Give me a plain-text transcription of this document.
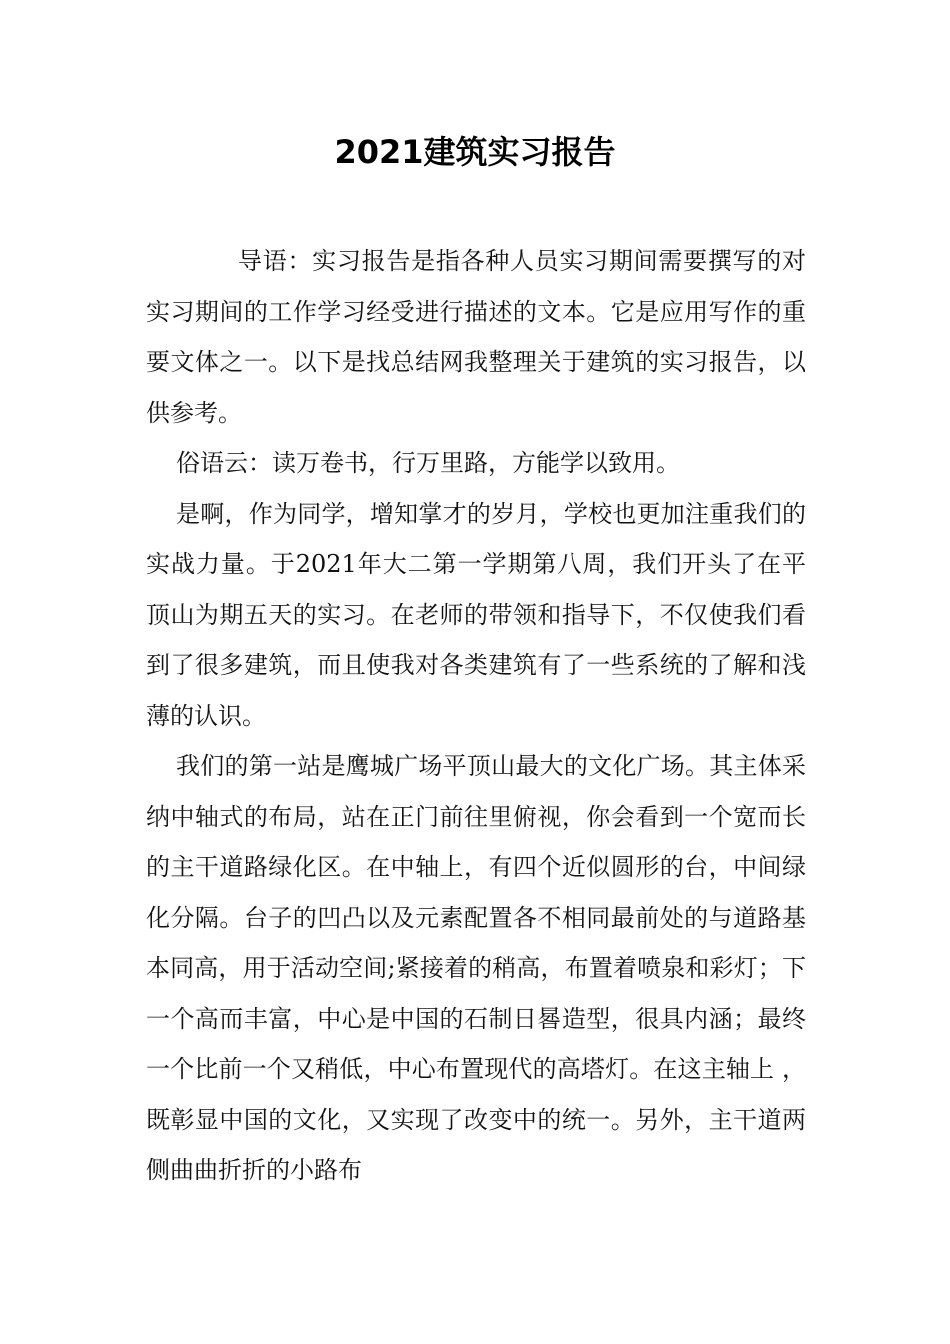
2021建筑实习报告

导语：实习报告是指各种人员实习期间需要撰写的对实习期间的工作学习经受进行描述的文本。它是应用写作的重要文体之一。以下是找总结网我整理关于建筑的实习报告，以供参考。

俗语云：读万卷书，行万里路，方能学以致用。

是啊，作为同学，增知掌才的岁月，学校也更加注重我们的实战力量。于2021年大二第一学期第八周，我们开头了在平顶山为期五天的实习。在老师的带领和指导下，不仅使我们看到了很多建筑，而且使我对各类建筑有了一些系统的了解和浅薄的认识。

我们的第一站是鹰城广场平顶山最大的文化广场。其主体采纳中轴式的布局，站在正门前往里俯视，你会看到一个宽而长的主干道路绿化区。在中轴上，有四个近似圆形的台，中间绿化分隔。台子的凹凸以及元素配置各不相同最前处的与道路基本同高，用于活动空间;紧接着的稍高，布置着喷泉和彩灯；下一个高而丰富，中心是中国的石制日晷造型，很具内涵；最终一个比前一个又稍低，中心布置现代的高塔灯。在这主轴上 ，既彰显中国的文化，又实现了改变中的统一。另外，主干道两侧曲曲折折的小路布
